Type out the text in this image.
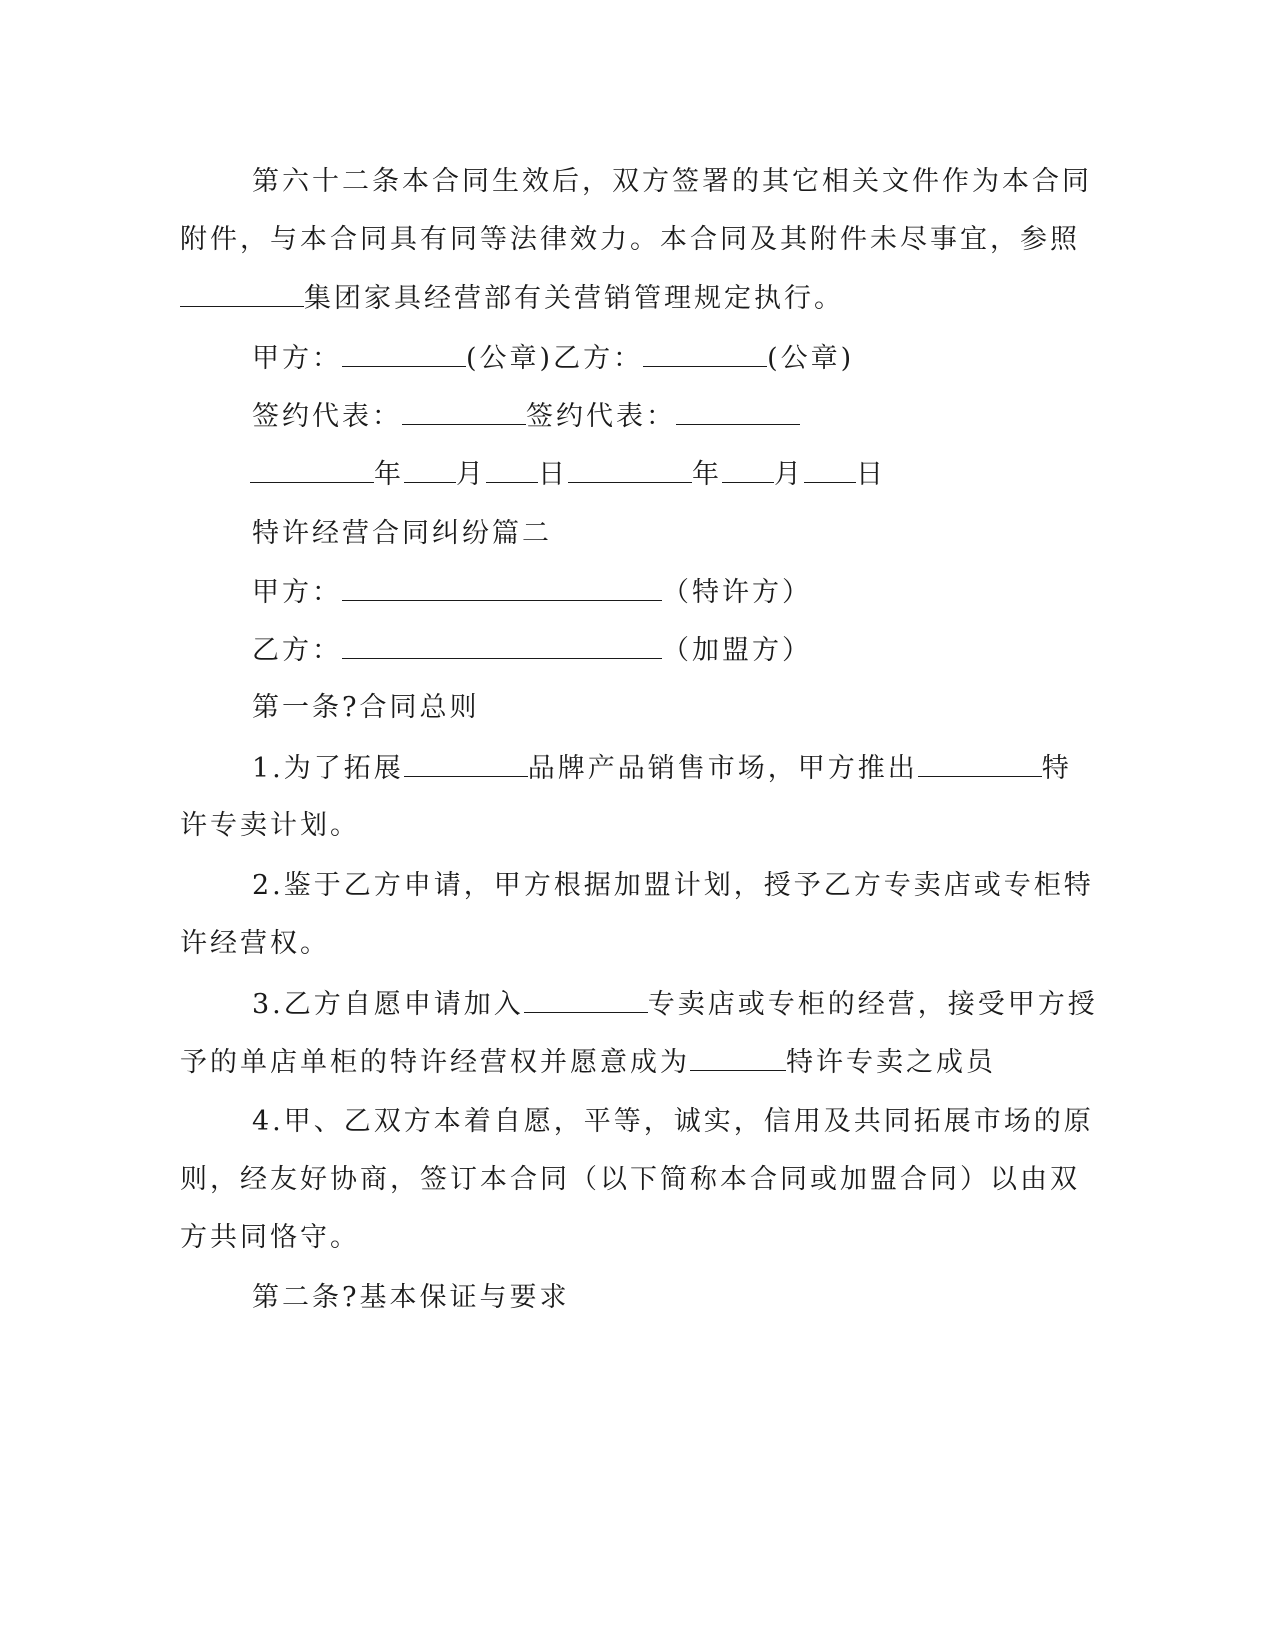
第六十二条本合同生效后，双方签署的其它相关文件作为本合同
附件，与本合同具有同等法律效力。本合同及其附件未尽事宜，参照
集团家具经营部有关营销管理规定执行。
甲方：	(公章)乙方：	(公章)
签约代表：	签约代表：
年 月 日	年 月 日
特许经营合同纠纷篇二
甲方：	（特许方）
乙方：	（加盟方）
第一条?合同总则
1.为了拓展	品牌产品销售市场，甲方推出	特
许专卖计划。
2.鉴于乙方申请，甲方根据加盟计划，授予乙方专卖店或专柜特
许经营权。
3.乙方自愿申请加入	专卖店或专柜的经营，接受甲方授
予的单店单柜的特许经营权并愿意成为	特许专卖之成员
4.甲、乙双方本着自愿，平等，诚实，信用及共同拓展市场的原
则，经友好协商，签订本合同（以下简称本合同或加盟合同）以由双
方共同恪守。
第二条?基本保证与要求
